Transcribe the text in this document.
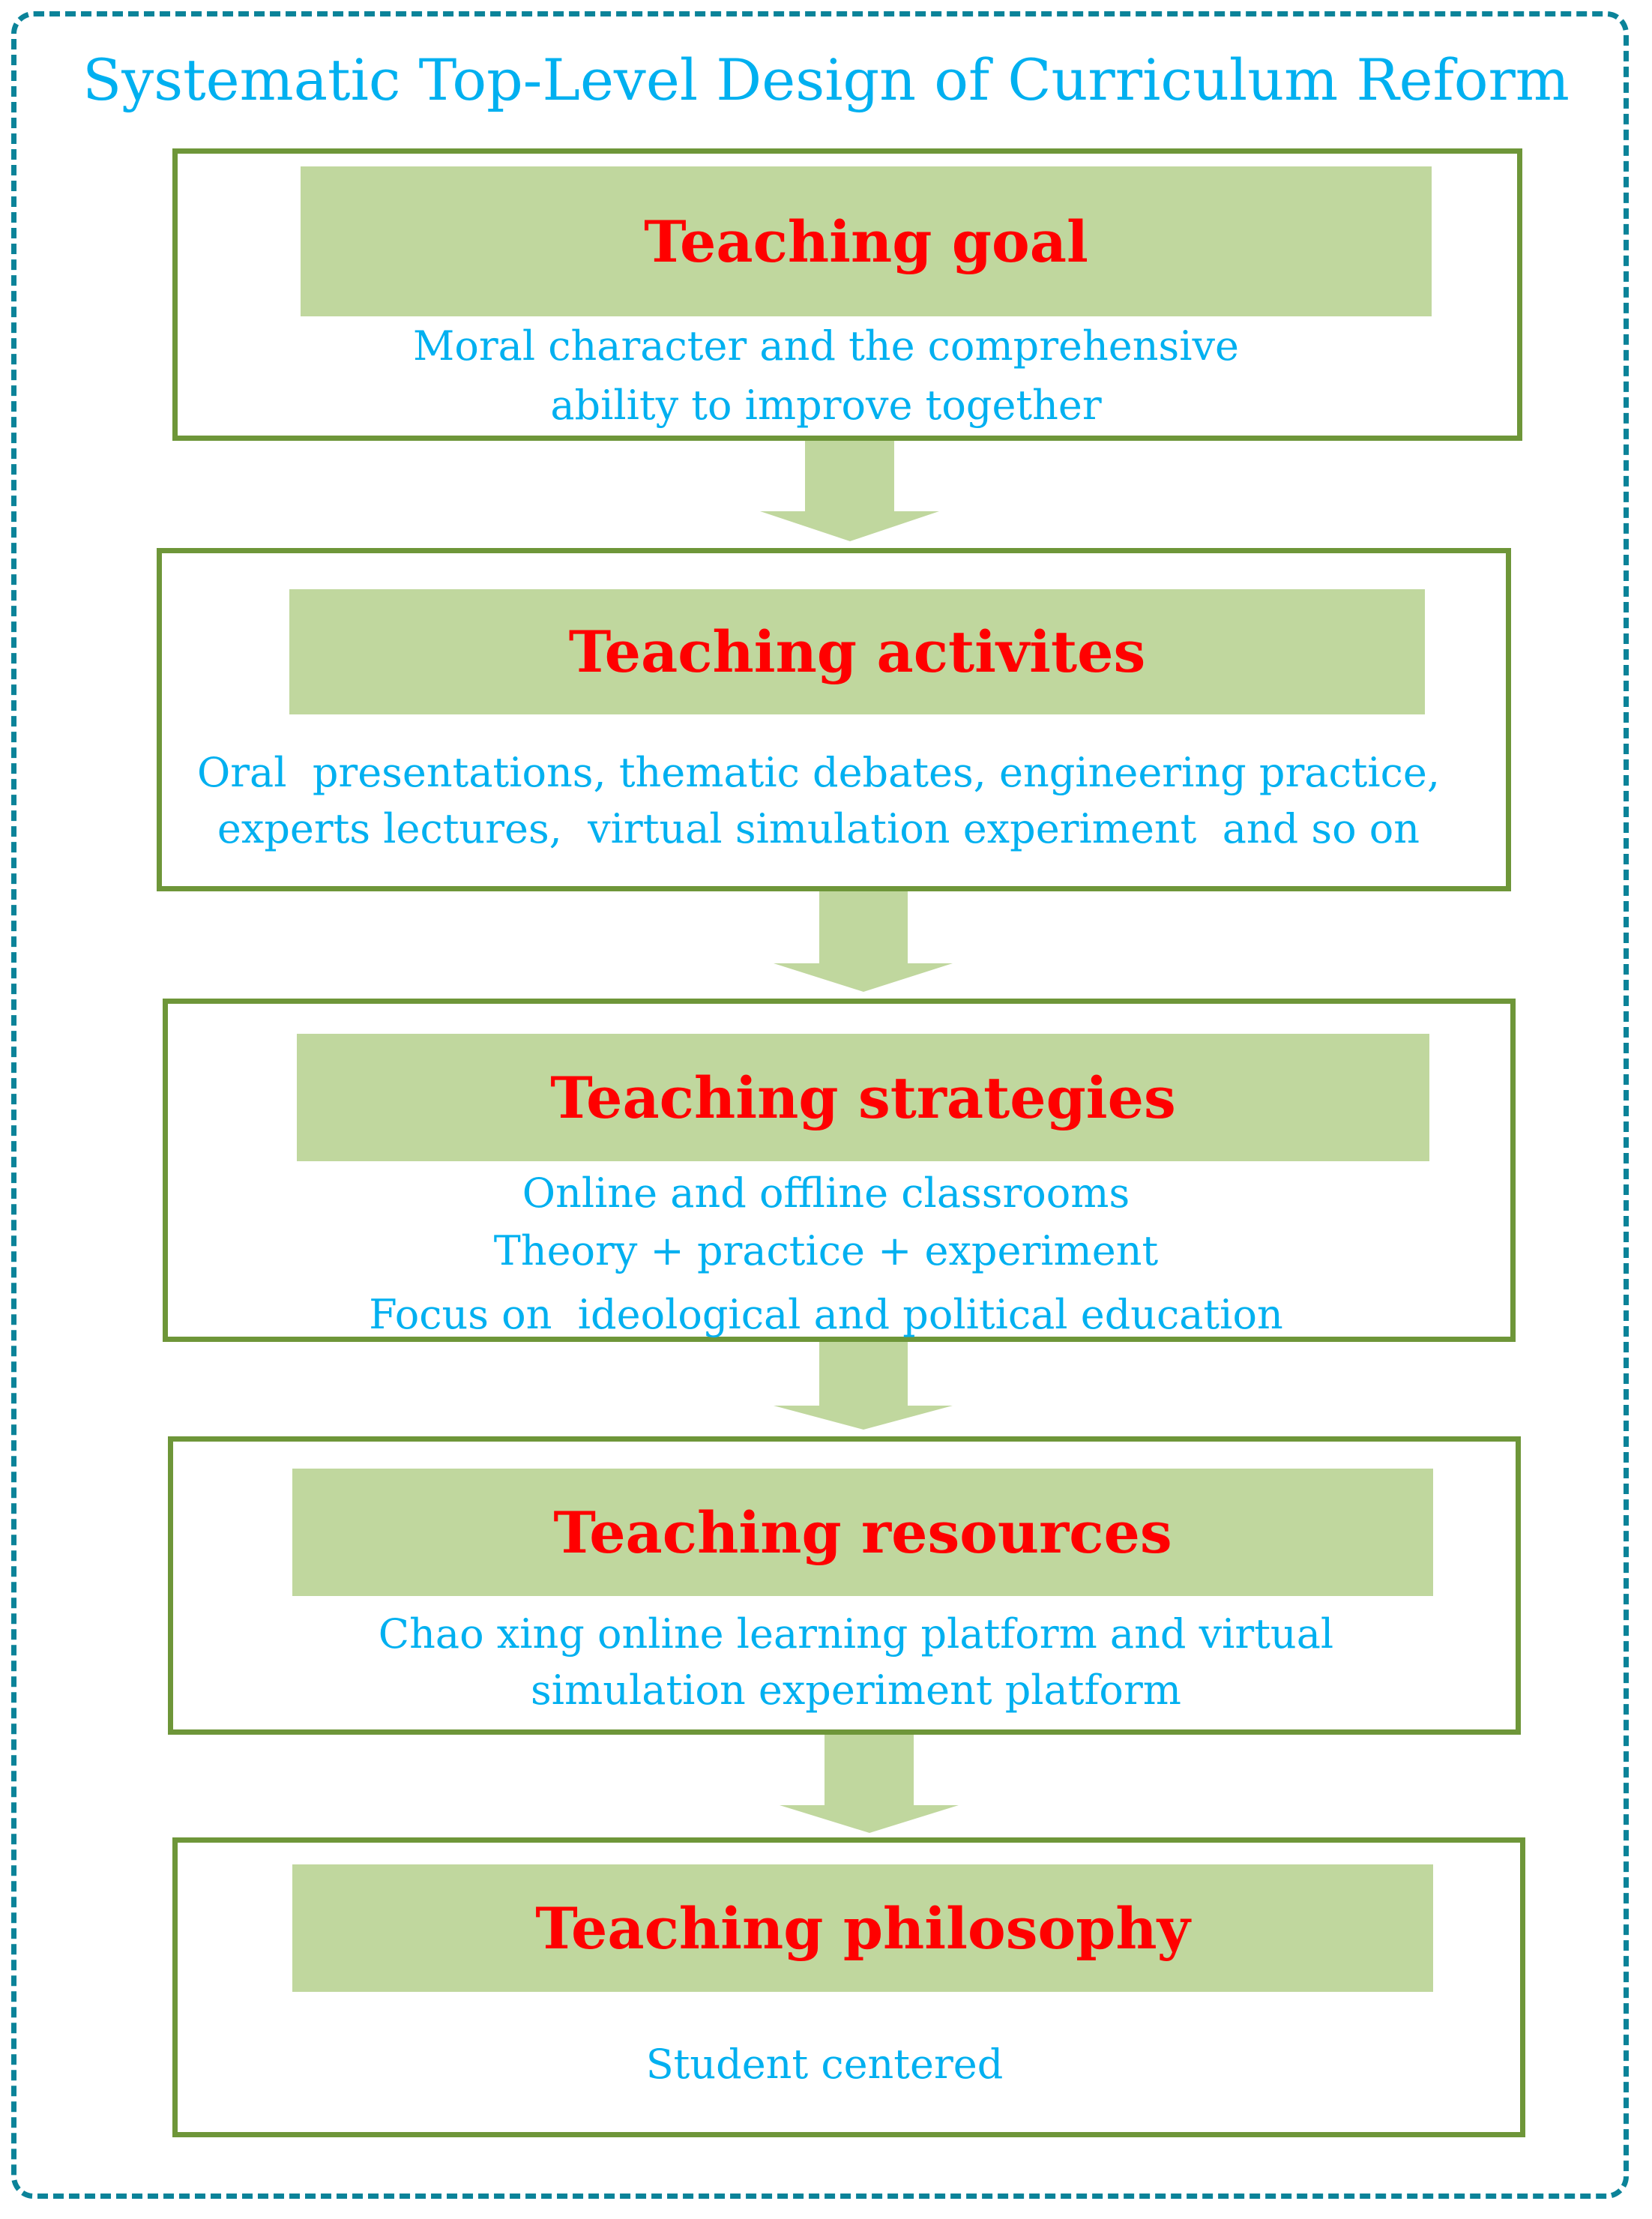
Systematic Top-Level Design of Curriculum Reform
Teaching goal
Moral character and the comprehensive
ability to improve together
Teaching activites
Oral  presentations, thematic debates, engineering practice,
experts lectures,  virtual simulation experiment  and so on
Teaching strategies
Online and offline classrooms
Theory + practice + experiment
Focus on  ideological and political education
Teaching resources
Chao xing online learning platform and virtual
simulation experiment platform
Teaching philosophy
Student centered
